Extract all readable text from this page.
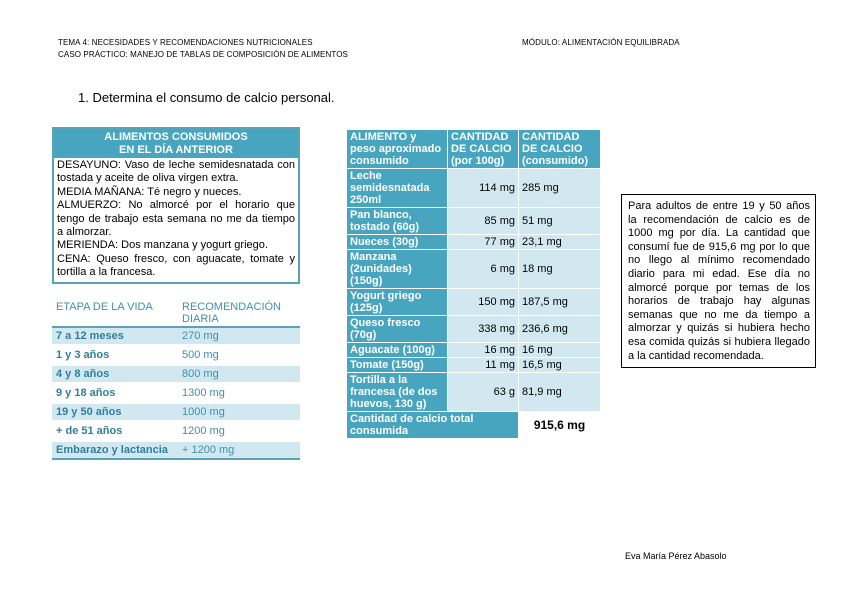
TEMA 4: NECESIDADES Y RECOMENDACIONES NUTRICIONALES
CASO PRÁCTICO: MANEJO DE TABLAS DE COMPOSICIÓN DE ALIMENTOS
MÓDULO: ALIMENTACIÓN EQUILIBRADA
1. Determina el consumo de calcio personal.
ALIMENTOS CONSUMIDOS
EN EL DÍA ANTERIOR
DESAYUNO: Vaso de leche semidesnatada con tostada y aceite de oliva virgen extra.
MEDIA MAÑANA: Té negro y nueces.
ALMUERZO: No almorcé por el horario que tengo de trabajo esta semana no me da tiempo a almorzar.
MERIENDA: Dos manzana y yogurt griego.
CENA: Queso fresco, con aguacate, tomate y tortilla a la francesa.
ETAPA DE LA VIDA	RECOMENDACIÓN DIARIA
7 a 12 meses	270 mg
1 y 3 años	500 mg
4 y 8 años	800 mg
9 y 18 años	1300 mg
19 y 50 años	1000 mg
+ de 51 años	1200 mg
Embarazo y lactancia	+ 1200 mg
ALIMENTO y peso aproximado consumido	CANTIDAD DE CALCIO (por 100g)	CANTIDAD DE CALCIO (consumido)
Leche semidesnatada 250ml	114 mg	285 mg
Pan blanco, tostado (60g)	85 mg	51 mg
Nueces (30g)	77 mg	23,1 mg
Manzana (2unidades) (150g)	6 mg	18 mg
Yogurt griego (125g)	150 mg	187,5 mg
Queso fresco (70g)	338 mg	236,6 mg
Aguacate (100g)	16 mg	16 mg
Tomate (150g)	11 mg	16,5 mg
Tortilla a la francesa (de dos huevos, 130 g)	63 g	81,9 mg
Cantidad de calcio total consumida		915,6 mg
Para adultos de entre 19 y 50 años la recomendación de calcio es de 1000 mg por día. La cantidad que consumí fue de 915,6 mg por lo que no llego al mínimo recomendado diario para mi edad. Ese día no almorcé porque por temas de los horarios de trabajo hay algunas semanas que no me da tiempo a almorzar y quizás si hubiera hecho esa comida quizás si hubiera llegado a la cantidad recomendada.
Eva María Pérez Abasolo
